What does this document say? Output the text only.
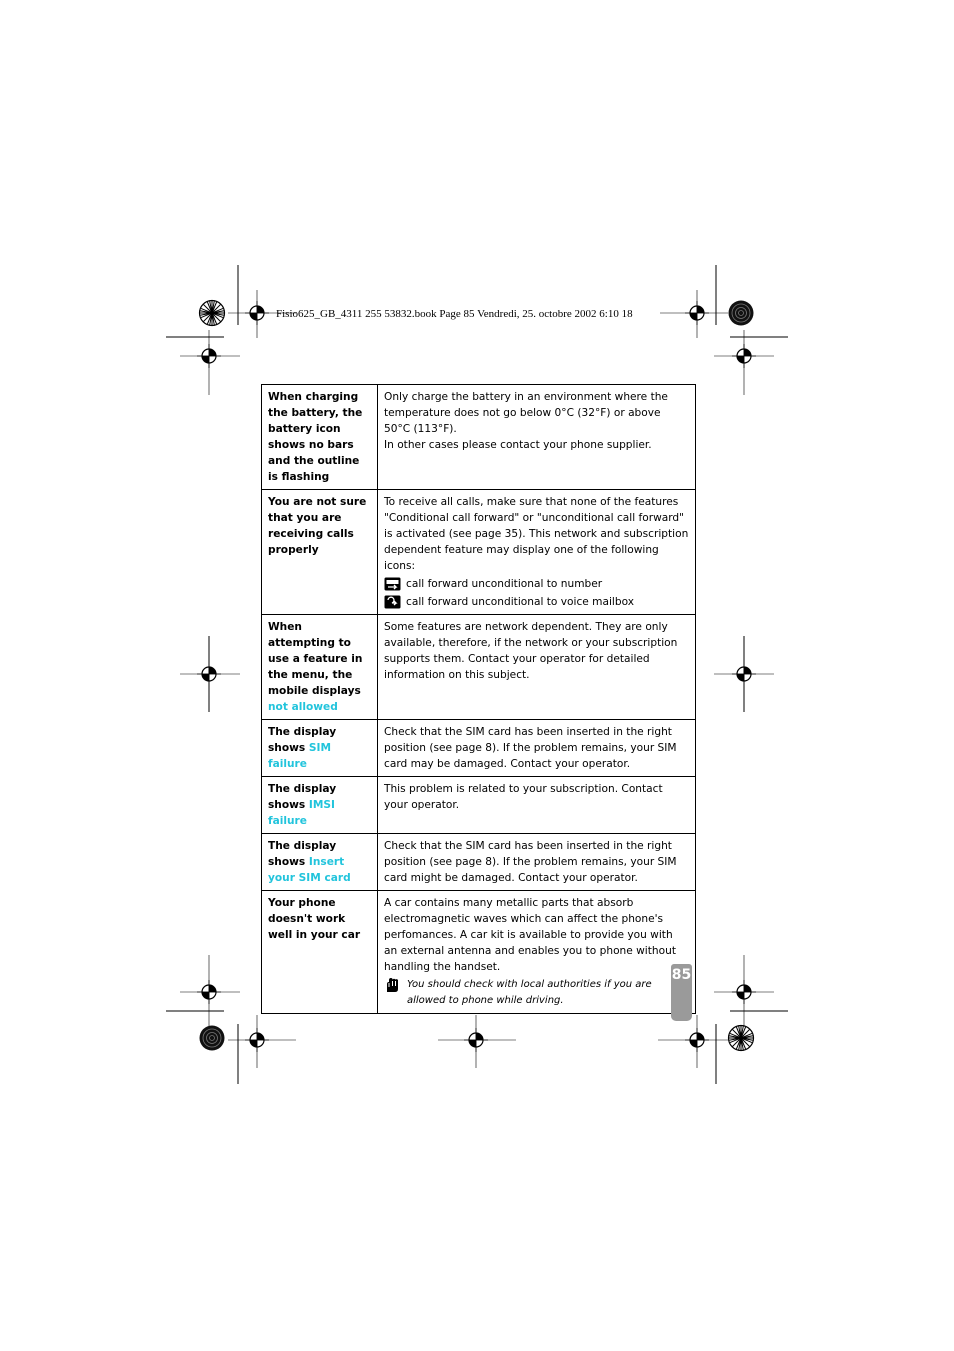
Fisio625_GB_4311 255 53832.book Page 85 Vendredi, 25. octobre 2002 6:10 18
When charging the battery, the battery icon shows no bars and the outline is flashing	Only charge the battery in an environment where the temperature does not go below 0°C (32°F) or above 50°C (113°F).
In other cases please contact your phone supplier.

You are not sure that you are receiving calls properly	To receive all calls, make sure that none of the features "Conditional call forward" or "unconditional call forward" is activated (see page 35). This network and subscription dependent feature may display one of the following icons:
call forward unconditional to number
call forward unconditional to voice mailbox

When attempting to use a feature in the menu, the mobile displays not allowed	Some features are network dependent. They are only available, therefore, if the network or your subscription supports them. Contact your operator for detailed information on this subject.
The display shows SIM failure	Check that the SIM card has been inserted in the right position (see page 8). If the problem remains, your SIM card may be damaged. Contact your operator.
The display shows IMSI failure	This problem is related to your subscription. Contact your operator.
The display shows Insert your SIM card	Check that the SIM card has been inserted in the right position (see page 8). If the problem remains, your SIM card might be damaged. Contact your operator.
Your phone doesn't work well in your car	A car contains many metallic parts that absorb electromagnetic waves which can affect the phone's perfomances. A car kit is available to provide you with an external antenna and enables you to phone without handling the handset.
You should check with local authorities if you are allowed to phone while driving.
85
